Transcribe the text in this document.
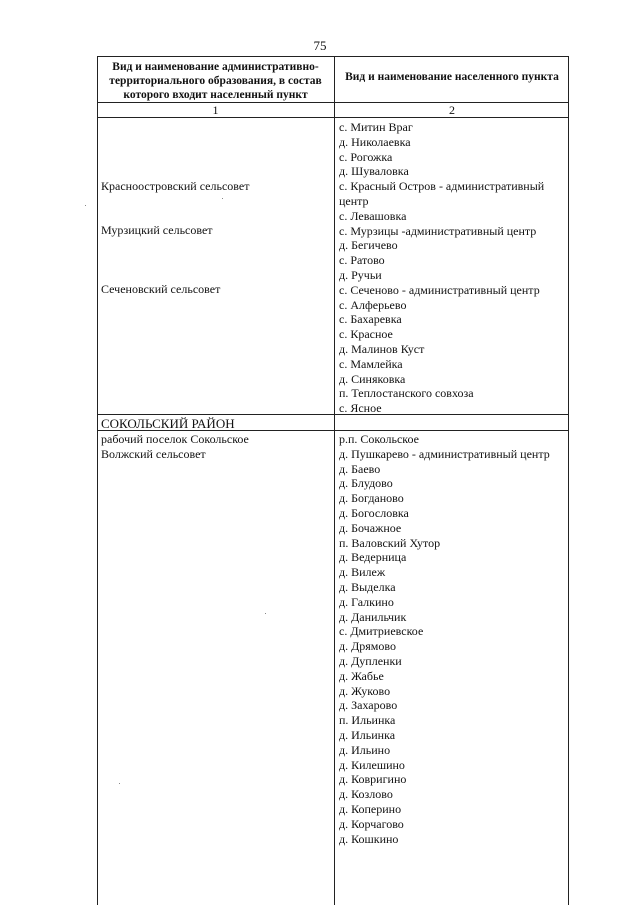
75
Вид и наименование административно-территориального образования, в состав которого входит населенный пункт
Вид и наименование населенного пункта
1	2
Красноостровский сельсовет
Мурзицкий сельсовет
Сеченовский сельсовет
с. Митин Враг
д. Николаевка
с. Рогожка
д. Шуваловка
с. Красный Остров - административный
центр
с. Левашовка
с. Мурзицы -административный центр
д. Бегичево
с. Ратово
д. Ручьи
с. Сеченово - административный центр
с. Алферьево
с. Бахаревка
с. Красное
д. Малинов Куст
с. Мамлейка
д. Синяковка
п. Теплостанского совхоза
с. Ясное
СОКОЛЬСКИЙ РАЙОН
рабочий поселок Сокольское
Волжский сельсовет
р.п. Сокольское
д. Пушкарево - административный центр
д. Баево
д. Блудово
д. Богданово
д. Богословка
д. Бочажное
п. Валовский Хутор
д. Ведерница
д. Вилеж
д. Выделка
д. Галкино
д. Данильчик
с. Дмитриевское
д. Дрямово
д. Дупленки
д. Жабье
д. Жуково
д. Захарово
п. Ильинка
д. Ильинка
д. Ильино
д. Килешино
д. Ковригино
д. Козлово
д. Коперино
д. Корчагово
д. Кошкино
